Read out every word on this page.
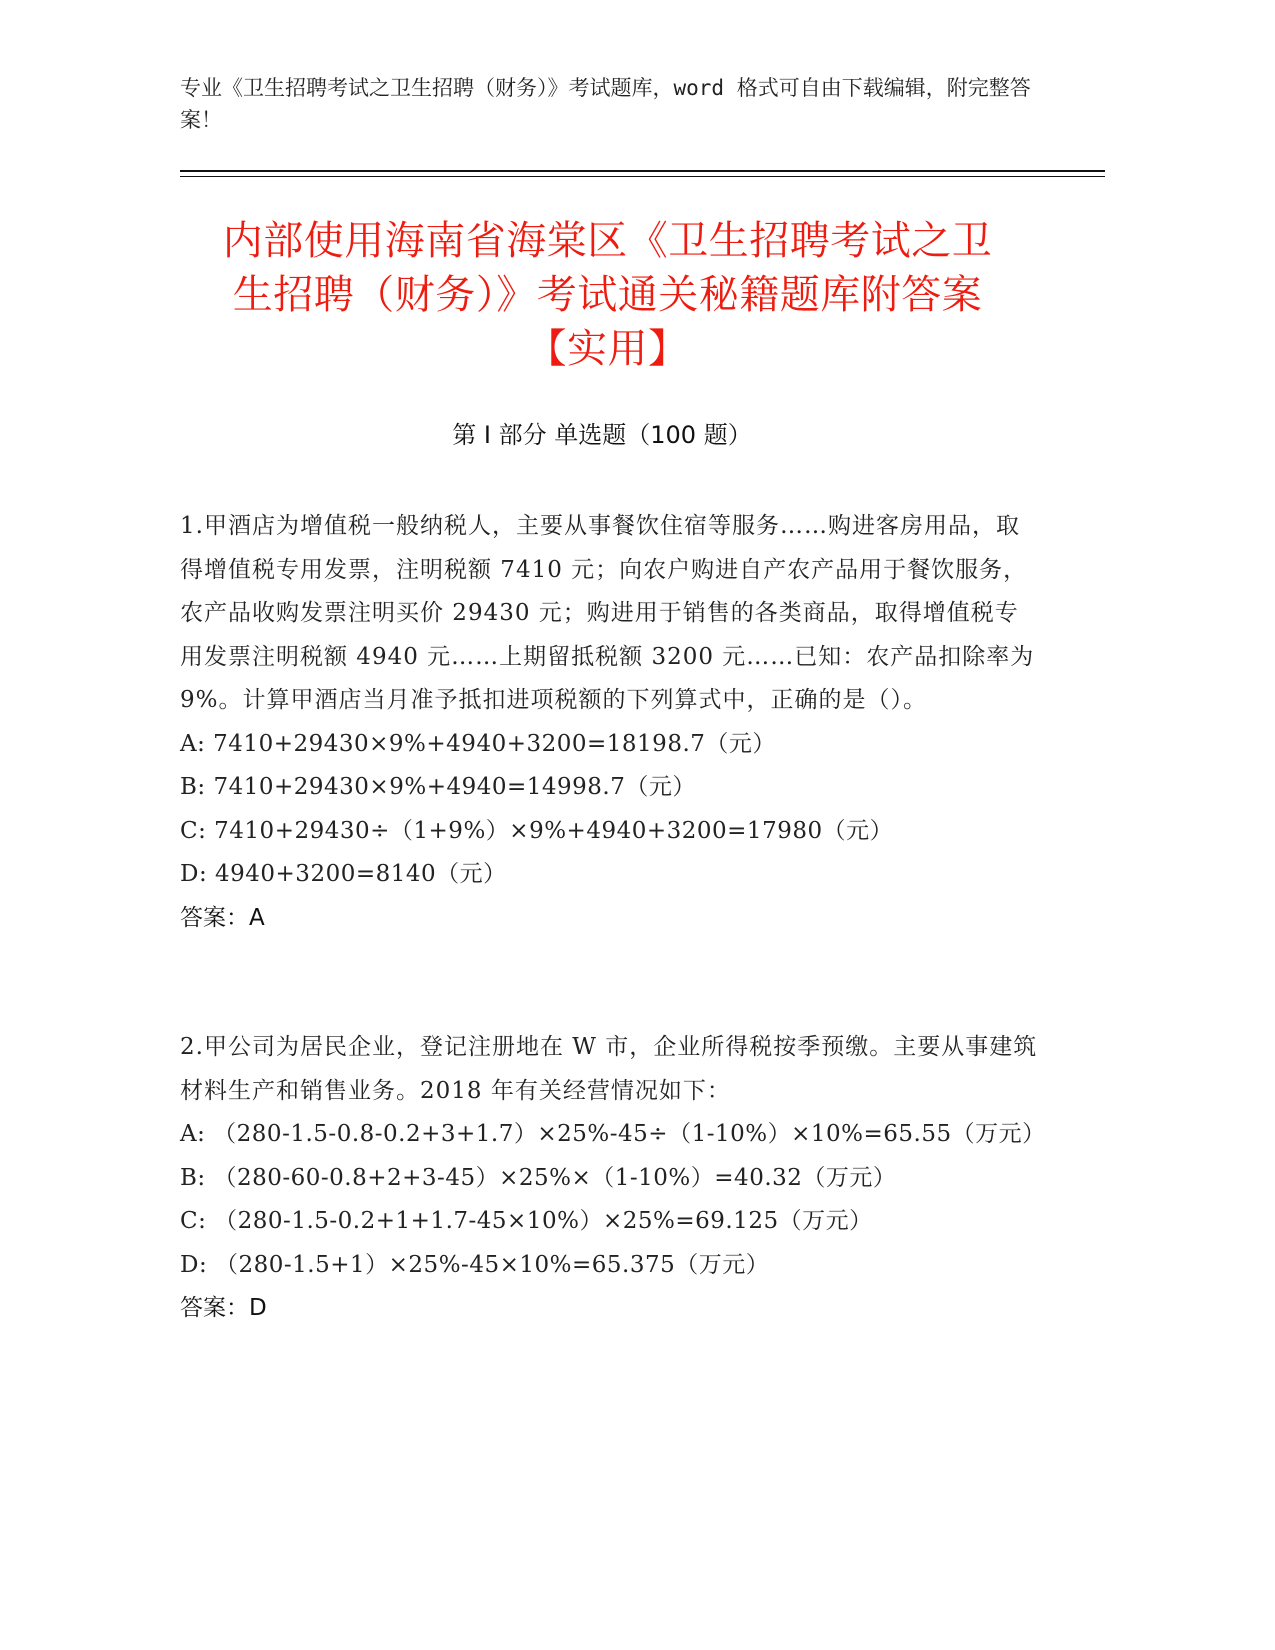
专业《卫生招聘考试之卫生招聘（财务）》考试题库，word 格式可自由下载编辑，附完整答案！
内部使用海南省海棠区《卫生招聘考试之卫
生招聘（财务）》考试通关秘籍题库附答案
【实用】
第 I 部分 单选题（100 题）
1.甲酒店为增值税一般纳税人，主要从事餐饮住宿等服务……购进客房用品，取得增值税专用发票，注明税额 7410 元；向农户购进自产农产品用于餐饮服务，农产品收购发票注明买价 29430 元；购进用于销售的各类商品，取得增值税专用发票注明税额 4940 元……上期留抵税额 3200 元……已知：农产品扣除率为 9%。计算甲酒店当月准予抵扣进项税额的下列算式中，正确的是（）。
A: 7410+29430×9%+4940+3200=18198.7（元）
B: 7410+29430×9%+4940=14998.7（元）
C: 7410+29430÷（1+9%）×9%+4940+3200=17980（元）
D: 4940+3200=8140（元）
答案：A
2.甲公司为居民企业，登记注册地在 W 市，企业所得税按季预缴。主要从事建筑材料生产和销售业务。2018 年有关经营情况如下：
A: （280-1.5-0.8-0.2+3+1.7）×25%-45÷（1-10%）×10%=65.55（万元）
B: （280-60-0.8+2+3-45）×25%×（1-10%）=40.32（万元）
C: （280-1.5-0.2+1+1.7-45×10%）×25%=69.125（万元）
D: （280-1.5+1）×25%-45×10%=65.375（万元）
答案：D
